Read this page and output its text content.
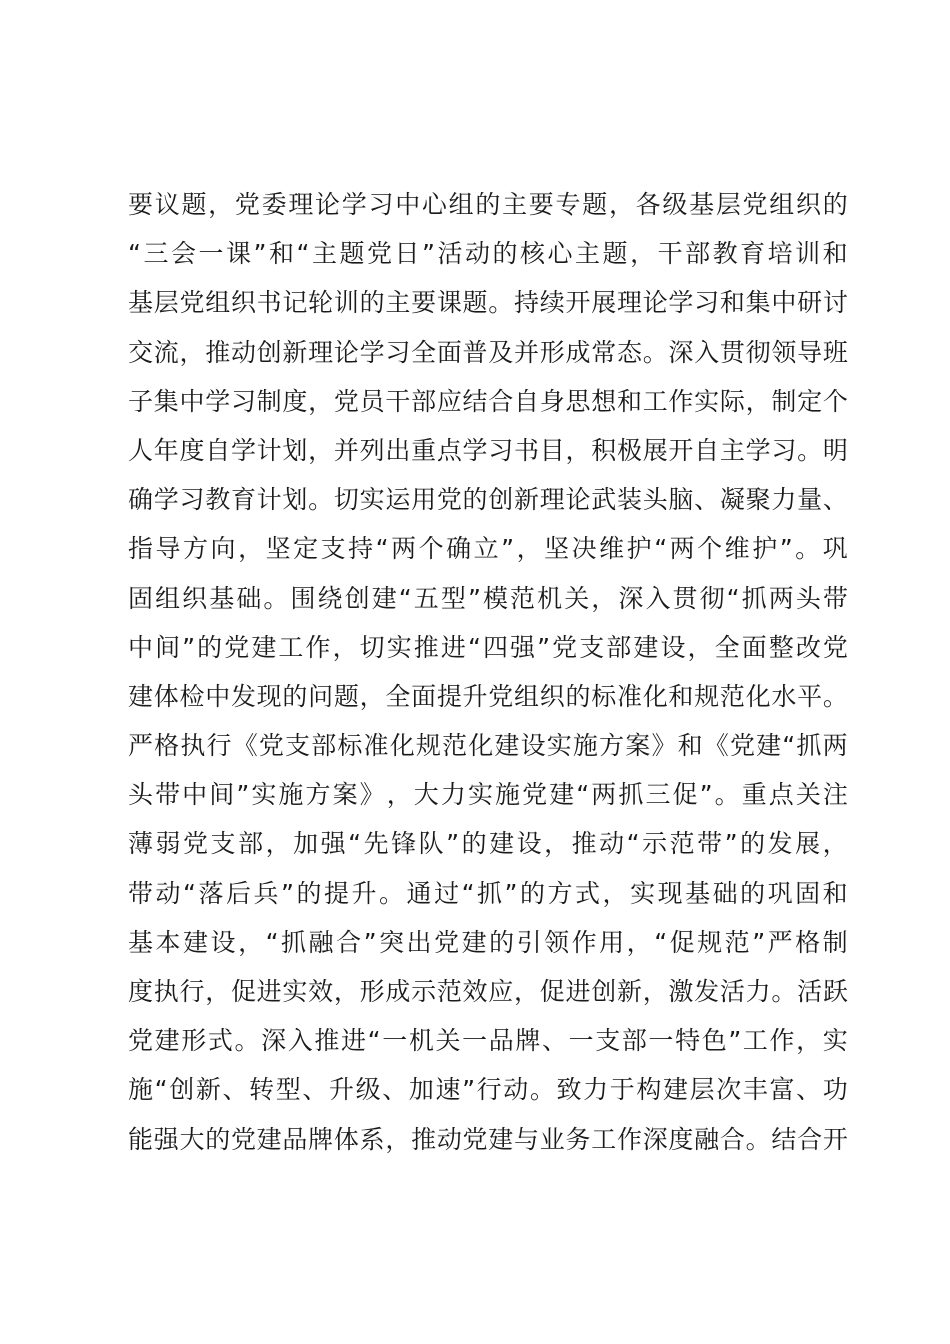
要 议 题 ， 党 委 理 论 学 习 中 心 组 的 主 要 专 题 ， 各 级 基 层 党 组 织 的
“ 三 会 一 课 ” 和 “ 主 题 党 日 ” 活 动 的 核 心 主 题 ， 干 部 教 育 培 训 和
基 层 党 组 织 书 记 轮 训 的 主 要 课 题 。 持 续 开 展 理 论 学 习 和 集 中 研 讨
交 流 ， 推 动 创 新 理 论 学 习 全 面 普 及 并 形 成 常 态 。 深 入 贯 彻 领 导 班
子 集 中 学 习 制 度 ， 党 员 干 部 应 结 合 自 身 思 想 和 工 作 实 际 ， 制 定 个
人 年 度 自 学 计 划 ， 并 列 出 重 点 学 习 书 目 ， 积 极 展 开 自 主 学 习 。 明
确 学 习 教 育 计 划 。 切 实 运 用 党 的 创 新 理 论 武 装 头 脑 、 凝 聚 力 量 、
指 导 方 向 ， 坚 定 支 持 “ 两 个 确 立 ” ， 坚 决 维 护 “ 两 个 维 护 ” 。 巩
固 组 织 基 础 。 围 绕 创 建 “ 五 型 ” 模 范 机 关 ， 深 入 贯 彻 “ 抓 两 头 带
中 间 ” 的 党 建 工 作 ， 切 实 推 进 “ 四 强 ” 党 支 部 建 设 ， 全 面 整 改 党
建 体 检 中 发 现 的 问 题 ， 全 面 提 升 党 组 织 的 标 准 化 和 规 范 化 水 平 。
严 格 执 行 《 党 支 部 标 准 化 规 范 化 建 设 实 施 方 案 》 和 《 党 建 “ 抓 两
头 带 中 间 ” 实 施 方 案 》 ， 大 力 实 施 党 建 “ 两 抓 三 促 ” 。 重 点 关 注
薄 弱 党 支 部 ， 加 强 “ 先 锋 队 ” 的 建 设 ， 推 动 “ 示 范 带 ” 的 发 展 ，
带 动 “ 落 后 兵 ” 的 提 升 。 通 过 “ 抓 ” 的 方 式 ， 实 现 基 础 的 巩 固 和
基 本 建 设 ， “ 抓 融 合 ” 突 出 党 建 的 引 领 作 用 ， “ 促 规 范 ” 严 格 制
度 执 行 ， 促 进 实 效 ， 形 成 示 范 效 应 ， 促 进 创 新 ， 激 发 活 力 。 活 跃
党 建 形 式 。 深 入 推 进 “ 一 机 关 一 品 牌 、 一 支 部 一 特 色 ” 工 作 ， 实
施 “ 创 新 、 转 型 、 升 级 、 加 速 ” 行 动 。 致 力 于 构 建 层 次 丰 富 、 功
能 强 大 的 党 建 品 牌 体 系 ， 推 动 党 建 与 业 务 工 作 深 度 融 合 。 结 合 开
